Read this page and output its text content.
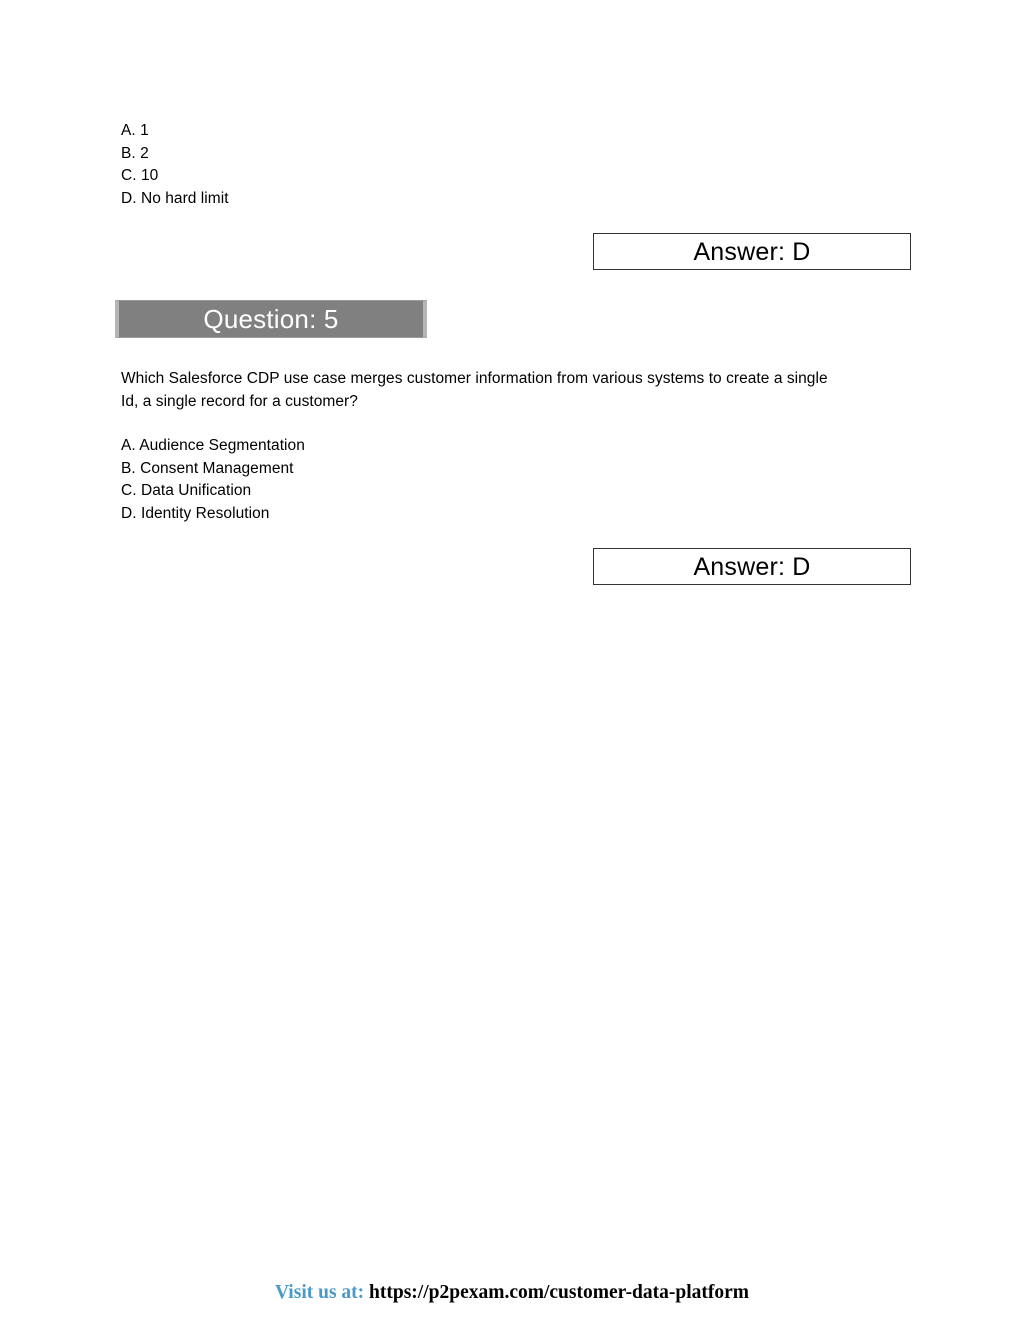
A. 1
B. 2
C. 10
D. No hard limit
Answer: D
Question: 5
Which Salesforce CDP use case merges customer information from various systems to create a single
Id, a single record for a customer?
A. Audience Segmentation
B. Consent Management
C. Data Unification
D. Identity Resolution
Answer: D
Visit us at: https://p2pexam.com/customer-data-platform
